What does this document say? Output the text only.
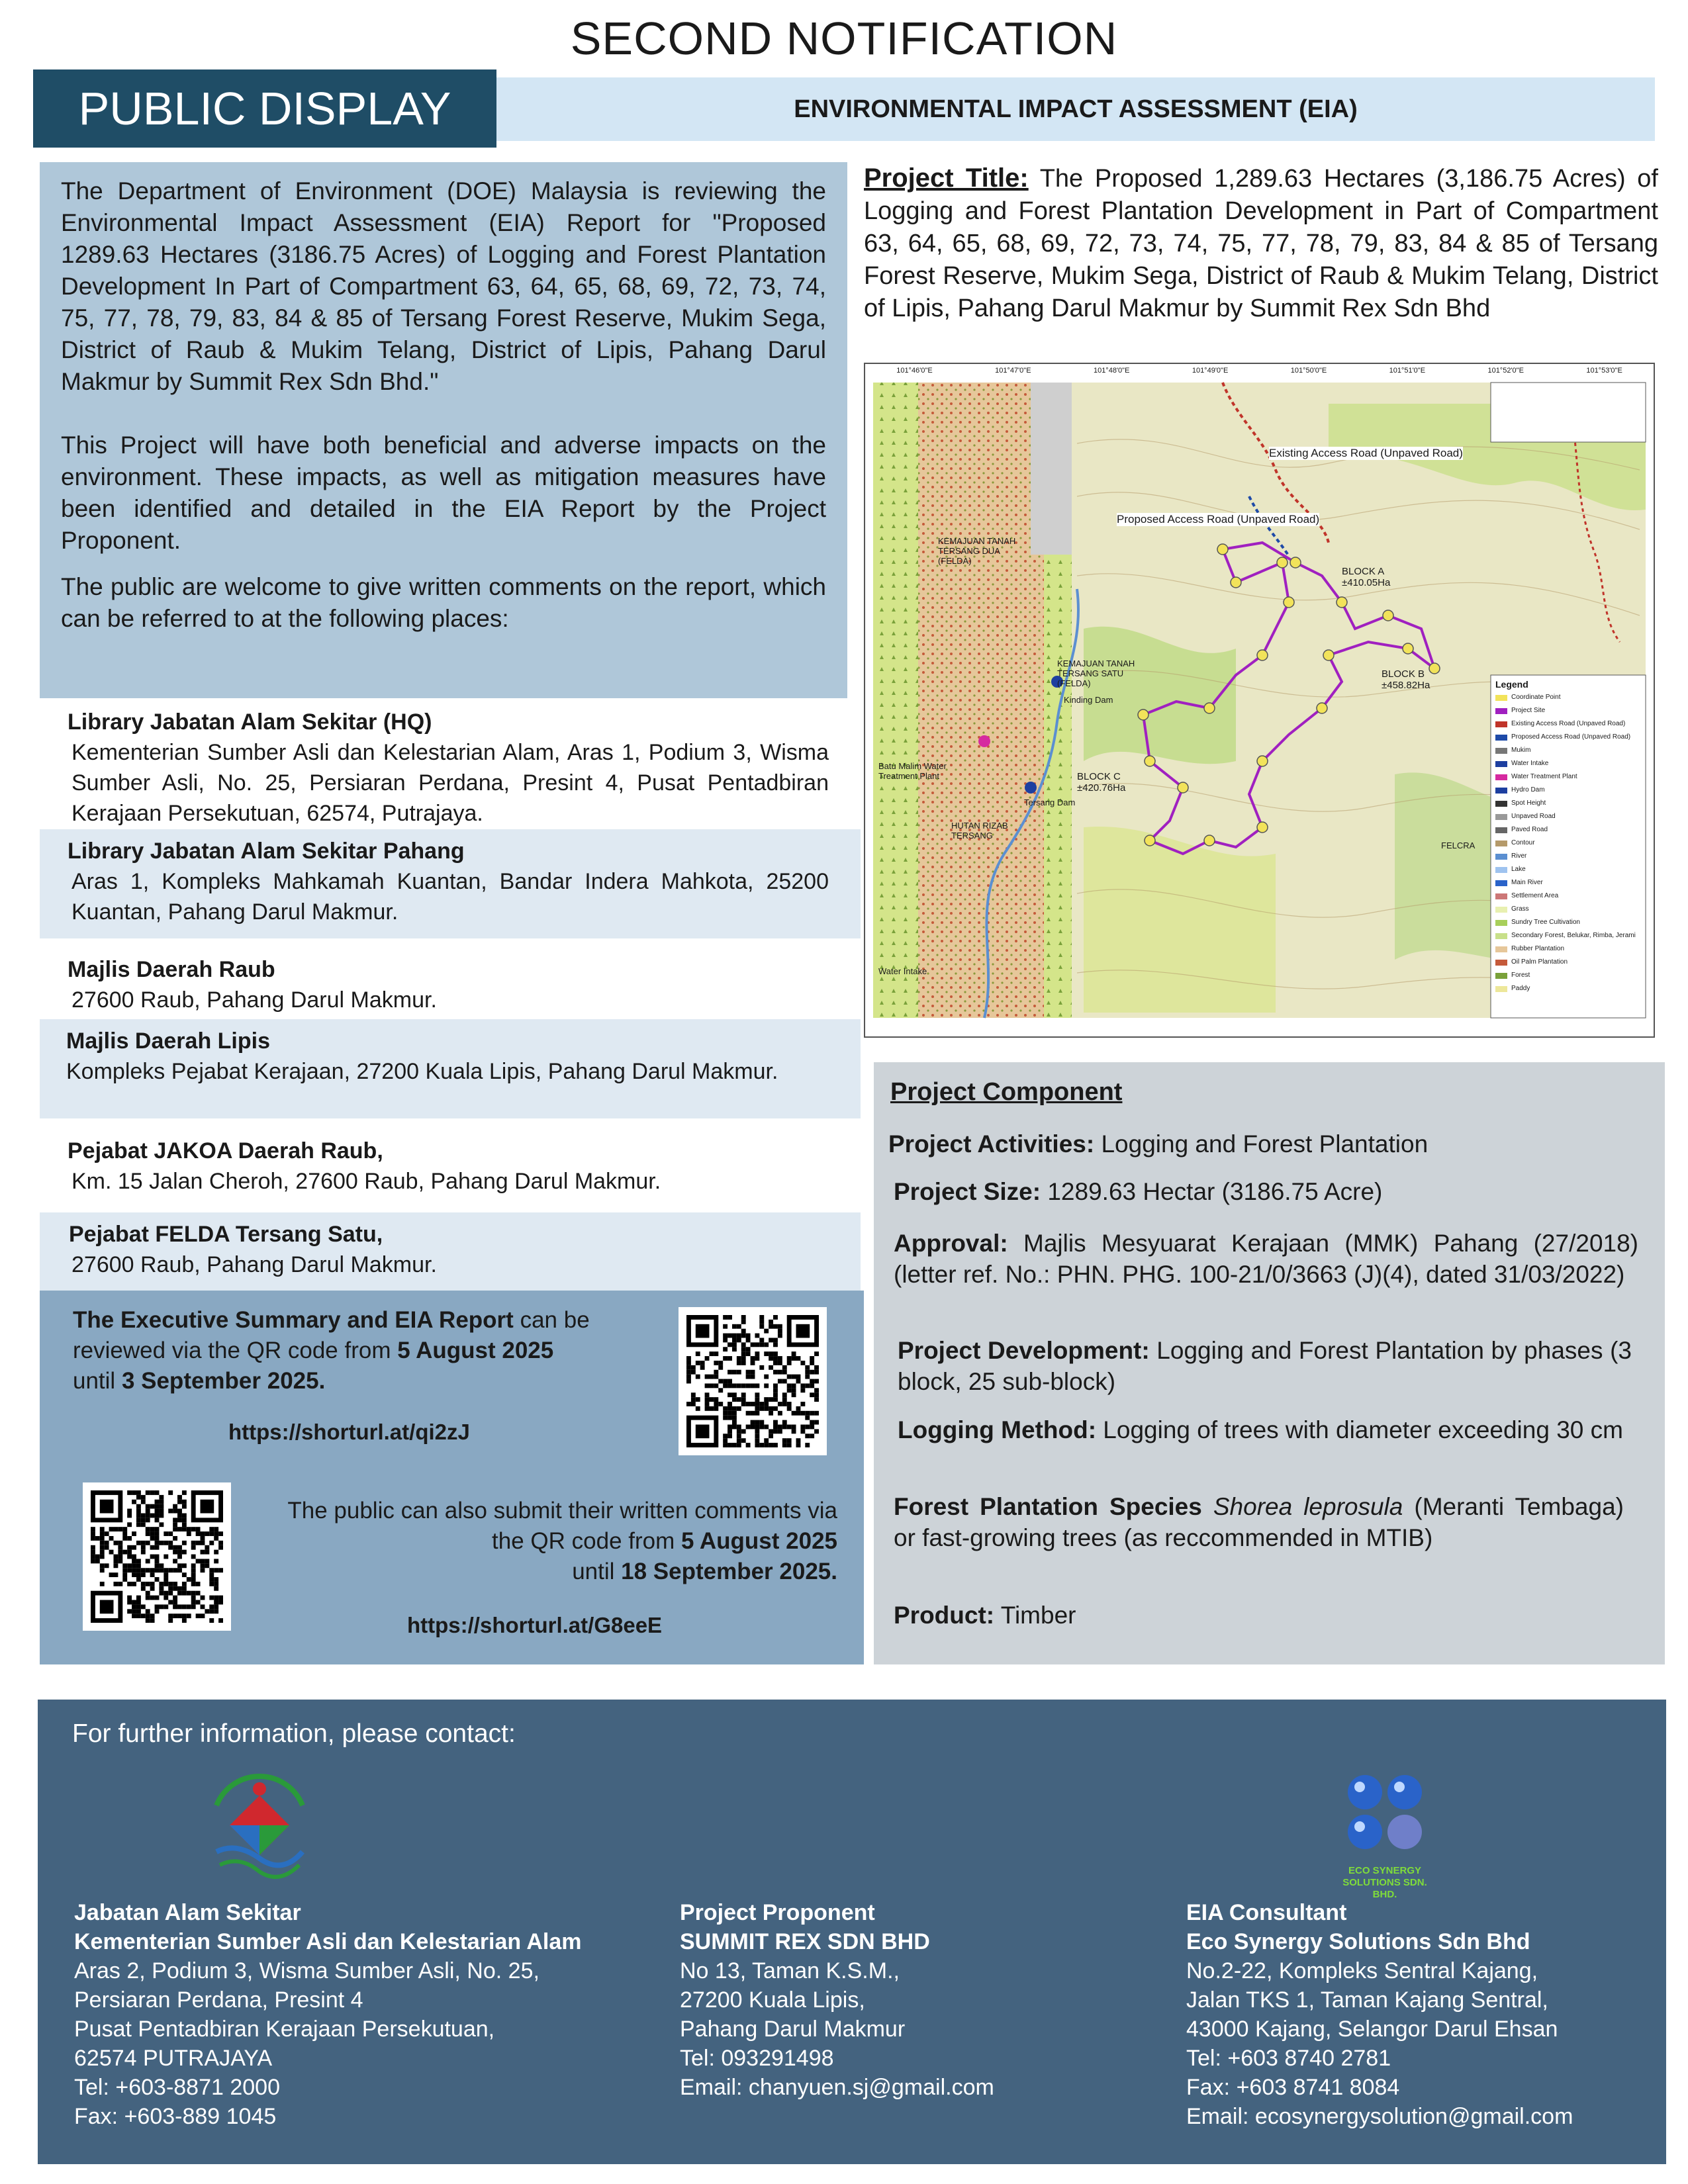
SECOND NOTIFICATION
PUBLIC DISPLAY	ENVIRONMENTAL IMPACT ASSESSMENT (EIA)

The Department of Environment (DOE) Malaysia is reviewing the Environmental Impact Assessment (EIA) Report for "Proposed 1289.63 Hectares (3186.75 Acres) of Logging and Forest Plantation Development In Part of Compartment 63, 64, 65, 68, 69, 72, 73, 74, 75, 77, 78, 79, 83, 84 & 85 of Tersang Forest Reserve, Mukim Sega, District of Raub & Mukim Telang, District of Lipis, Pahang Darul Makmur by Summit Rex Sdn Bhd."

This Project will have both beneficial and adverse impacts on the environment. These impacts, as well as mitigation measures have been identified and detailed in the EIA Report by the Project Proponent.

The public are welcome to give written comments on the report, which can be referred to at the following places:

Library Jabatan Alam Sekitar (HQ)
Kementerian Sumber Asli dan Kelestarian Alam, Aras 1, Podium 3, Wisma Sumber Asli, No. 25, Persiaran Perdana, Presint 4, Pusat Pentadbiran Kerajaan Persekutuan, 62574, Putrajaya.
Library Jabatan Alam Sekitar Pahang
Aras 1, Kompleks Mahkamah Kuantan, Bandar Indera Mahkota, 25200 Kuantan, Pahang Darul Makmur.
Majlis Daerah Raub
27600 Raub, Pahang Darul Makmur.
Majlis Daerah Lipis
Kompleks Pejabat Kerajaan, 27200 Kuala Lipis, Pahang Darul Makmur.
Pejabat JAKOA Daerah Raub,
Km. 15 Jalan Cheroh, 27600 Raub, Pahang Darul Makmur.
Pejabat FELDA Tersang Satu,
27600 Raub, Pahang Darul Makmur.
The Executive Summary and EIA Report can be reviewed via the QR code from 5 August 2025
until 3 September 2025.
https://shorturl.at/qi2zJ
The public can also submit their written comments via the QR code from 5 August 2025
until 18 September 2025.
https://shorturl.at/G8eeE
Project Title: The Proposed 1,289.63 Hectares (3,186.75 Acres) of Logging and Forest Plantation Development in Part of Compartment 63, 64, 65, 68, 69, 72, 73, 74, 75, 77, 78, 79, 83, 84 & 85 of Tersang Forest Reserve, Mukim Sega, District of Raub & Mukim Telang, District of Lipis, Pahang Darul Makmur by Summit Rex Sdn Bhd
101°46'0"E	101°47'0"E	101°48'0"E	101°49'0"E	101°50'0"E	101°51'0"E	101°52'0"E	101°53'0"E
Existing Access Road (Unpaved Road)
Proposed Access Road (Unpaved Road)
BLOCK A ±410.05Ha
BLOCK B ±458.82Ha
BLOCK C ±420.76Ha
KEMAJUAN TANAH TERSANG DUA (FELDA)
KEMAJUAN TANAH TERSANG SATU (FELDA)
HUTAN RIZAB TERSANG
Batu Malim Water Treatment Plant
Water Intake
Kinding Dam
Tersang Dam
FELCRA
Legend
Coordinate Point
Project Site
Existing Access Road (Unpaved Road)
Proposed Access Road (Unpaved Road)
Mukim
Water Intake
Water Treatment Plant
Hydro Dam
Spot Height
Unpaved Road
Paved Road
Contour
River
Lake
Main River
Settlement Area
Grass
Sundry Tree Cultivation
Secondary Forest, Belukar, Rimba, Jerami
Rubber Plantation
Oil Palm Plantation
Forest
Paddy
Project Component
Project Activities: Logging and Forest Plantation
Project Size: 1289.63 Hectar (3186.75 Acre)
Approval: Majlis Mesyuarat Kerajaan (MMK) Pahang (27/2018)(letter ref. No.: PHN. PHG. 100-21/0/3663 (J)(4), dated 31/03/2022)
Project Development: Logging and Forest Plantation by phases (3 block, 25 sub-block)
Logging Method: Logging of trees with diameter exceeding 30 cm
Forest Plantation Species Shorea leprosula (Meranti Tembaga) or fast-growing trees (as reccommended in MTIB)
Product: Timber
For further information, please contact:
ECO SYNERGY SOLUTIONS SDN. BHD.
Jabatan Alam Sekitar
Kementerian Sumber Asli dan Kelestarian Alam
Aras 2, Podium 3, Wisma Sumber Asli, No. 25,
Persiaran Perdana, Presint 4
Pusat Pentadbiran Kerajaan Persekutuan,
62574 PUTRAJAYA
Tel: +603-8871 2000
Fax: +603-889 1045
Project Proponent
SUMMIT REX SDN BHD
No 13, Taman K.S.M.,
27200 Kuala Lipis,
Pahang Darul Makmur
Tel: 093291498
Email: chanyuen.sj@gmail.com
EIA Consultant
Eco Synergy Solutions Sdn Bhd
No.2-22, Kompleks Sentral Kajang,
Jalan TKS 1, Taman Kajang Sentral,
43000 Kajang, Selangor Darul Ehsan
Tel: +603 8740 2781
Fax: +603 8741 8084
Email: ecosynergysolution@gmail.com
